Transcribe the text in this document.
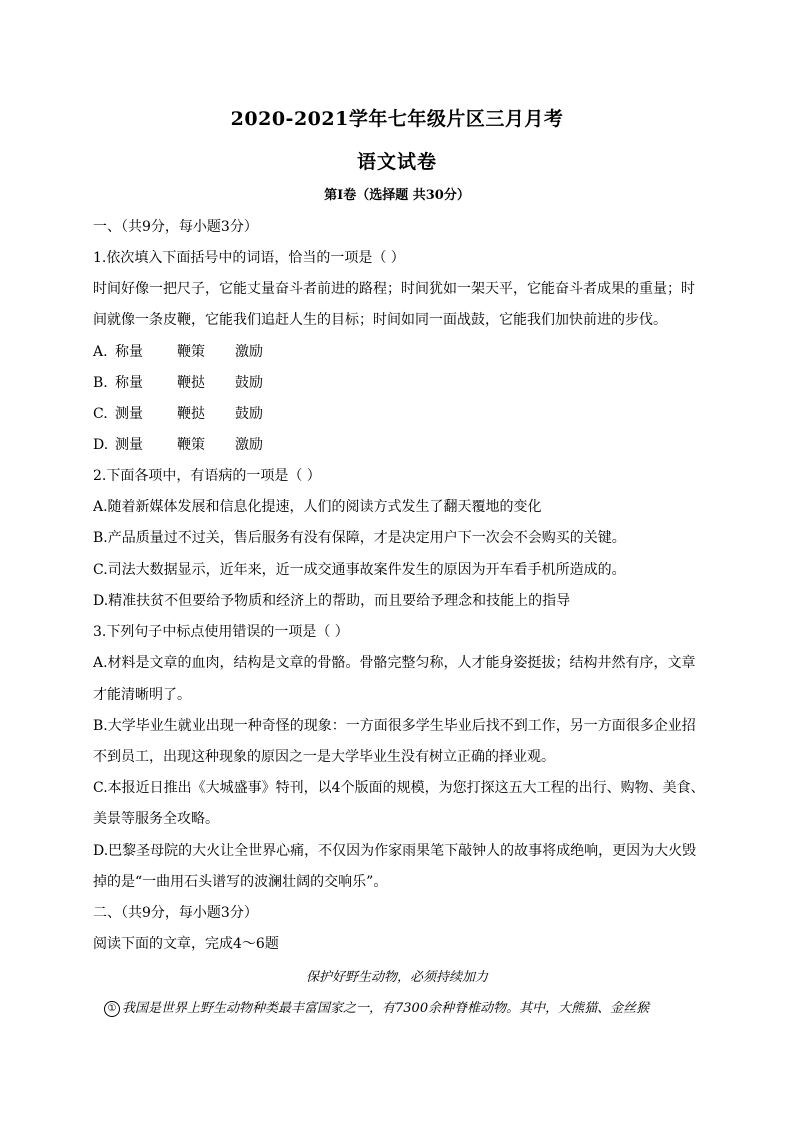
2020-2021学年七年级片区三月月考
语文试卷
第Ⅰ卷（选择题 共30分）
一、（共9分，每小题3分）
1.依次填入下面括号中的词语，恰当的一项是（ ）
时间好像一把尺子，它能丈量奋斗者前进的路程；时间犹如一架天平，它能奋斗者成果的重量；时
间就像一条皮鞭，它能我们追赶人生的目标；时间如同一面战鼓，它能我们加快前进的步伐。
A. 称量 鞭策 激励
B. 称量 鞭挞 鼓励
C. 测量 鞭挞 鼓励
D. 测量 鞭策 激励
2.下面各项中，有语病的一项是（ ）
A.随着新媒体发展和信息化提速，人们的阅读方式发生了翻天覆地的变化
B.产品质量过不过关，售后服务有没有保障，才是决定用户下一次会不会购买的关键。
C.司法大数据显示，近年来，近一成交通事故案件发生的原因为开车看手机所造成的。
D.精准扶贫不但要给予物质和经济上的帮助，而且要给予理念和技能上的指导
3.下列句子中标点使用错误的一项是（ ）
A.材料是文章的血肉，结构是文章的骨骼。骨骼完整匀称，人才能身姿挺拔；结构井然有序，文章
才能清晰明了。
B.大学毕业生就业出现一种奇怪的现象：一方面很多学生毕业后找不到工作，另一方面很多企业招
不到员工，出现这种现象的原因之一是大学毕业生没有树立正确的择业观。
C.本报近日推出《大城盛事》特刊，以4个版面的规模，为您打探这五大工程的出行、购物、美食、
美景等服务全攻略。
D.巴黎圣母院的大火让全世界心痛，不仅因为作家雨果笔下敲钟人的故事将成绝响，更因为大火毁
掉的是“一曲用石头谱写的波澜壮阔的交响乐”。
二、（共9分，每小题3分）
阅读下面的文章，完成4～6题
保护好野生动物，必须持续加力
① 我国是世界上野生动物种类最丰富国家之一，有7300余种脊椎动物。其中，大熊猫、金丝猴
